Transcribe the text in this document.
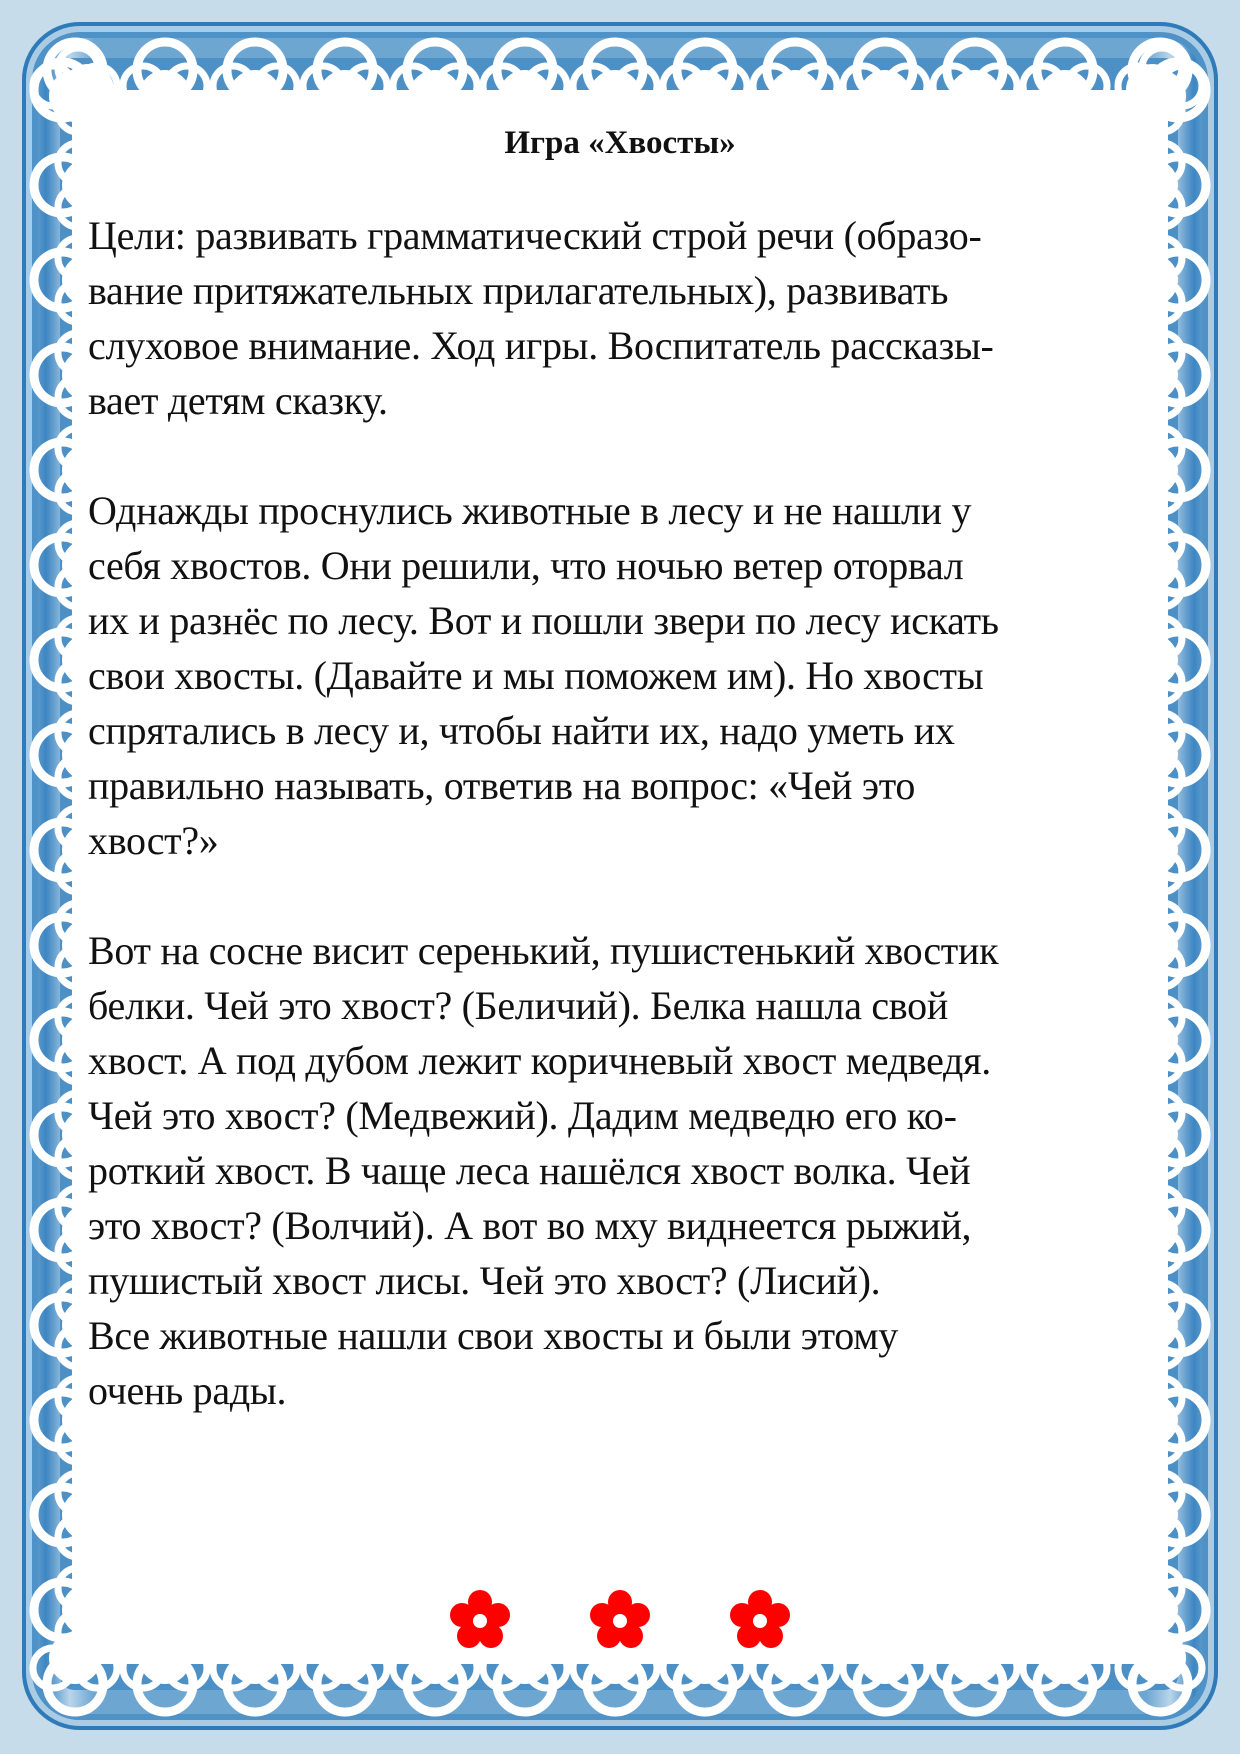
Игра «Хвосты»

Цели: развивать грамматический строй речи (образо-
вание притяжательных прилагательных), развивать
слуховое внимание. Ход игры. Воспитатель рассказы-
вает детям сказку.

Однажды проснулись животные в лесу и не нашли у
себя хвостов. Они решили, что ночью ветер оторвал
их и разнёс по лесу. Вот и пошли звери по лесу искать
свои хвосты. (Давайте и мы поможем им). Но хвосты
спрятались в лесу и, чтобы найти их, надо уметь их
правильно называть, ответив на вопрос: «Чей это
хвост?»

Вот на сосне висит серенький, пушистенький хвостик
белки. Чей это хвост? (Беличий). Белка нашла свой
хвост. А под дубом лежит коричневый хвост медведя.
Чей это хвост? (Медвежий). Дадим медведю его ко-
роткий хвост. В чаще леса нашёлся хвост волка. Чей
это хвост? (Волчий). А вот во мху виднеется рыжий,
пушистый хвост лисы. Чей это хвост? (Лисий).
Все животные нашли свои хвосты и были этому
очень рады.
